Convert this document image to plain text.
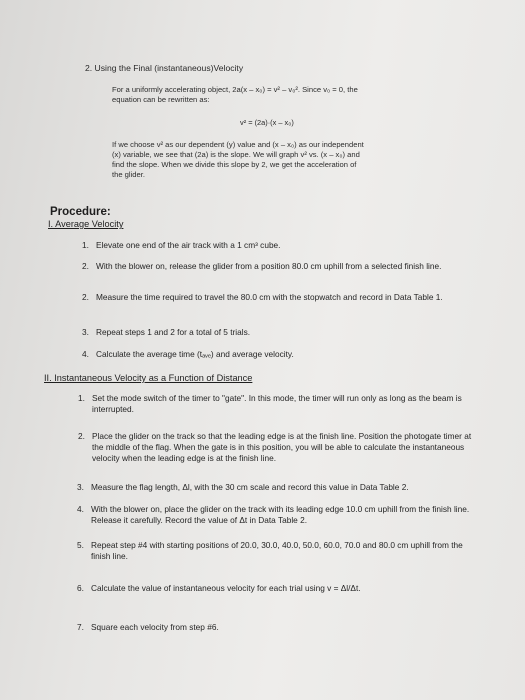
2. Using the Final (instantaneous)Velocity
For a uniformly accelerating object, 2a(x – x₀) = v² – v₀². Since v₀ = 0, the
equation can be rewritten as:
v² = (2a)·(x – x₀)
If we choose v² as our dependent (y) value and (x – x₀) as our independent
(x) variable, we see that (2a) is the slope. We will graph v² vs. (x – x₀) and
find the slope. When we divide this slope by 2, we get the acceleration of
the glider.
Procedure:
I. Average Velocity
1. Elevate one end of the air track with a 1 cm³ cube.
2. With the blower on, release the glider from a position 80.0 cm uphill from a selected finish line.
2. Measure the time required to travel the 80.0 cm with the stopwatch and record in Data Table 1.
3. Repeat steps 1 and 2 for a total of 5 trials.
4. Calculate the average time (tₐᵥₑ) and average velocity.
II. Instantaneous Velocity as a Function of Distance
1. Set the mode switch of the timer to "gate". In this mode, the timer will run only as long as the beam is interrupted.
2. Place the glider on the track so that the leading edge is at the finish line. Position the photogate timer at the middle of the flag. When the gate is in this position, you will be able to calculate the instantaneous velocity when the leading edge is at the finish line.
3. Measure the flag length, Δl, with the 30 cm scale and record this value in Data Table 2.
4. With the blower on, place the glider on the track with its leading edge 10.0 cm uphill from the finish line. Release it carefully. Record the value of Δt in Data Table 2.
5. Repeat step #4 with starting positions of 20.0, 30.0, 40.0, 50.0, 60.0, 70.0 and 80.0 cm uphill from the finish line.
6. Calculate the value of instantaneous velocity for each trial using v = Δl/Δt.
7. Square each velocity from step #6.
